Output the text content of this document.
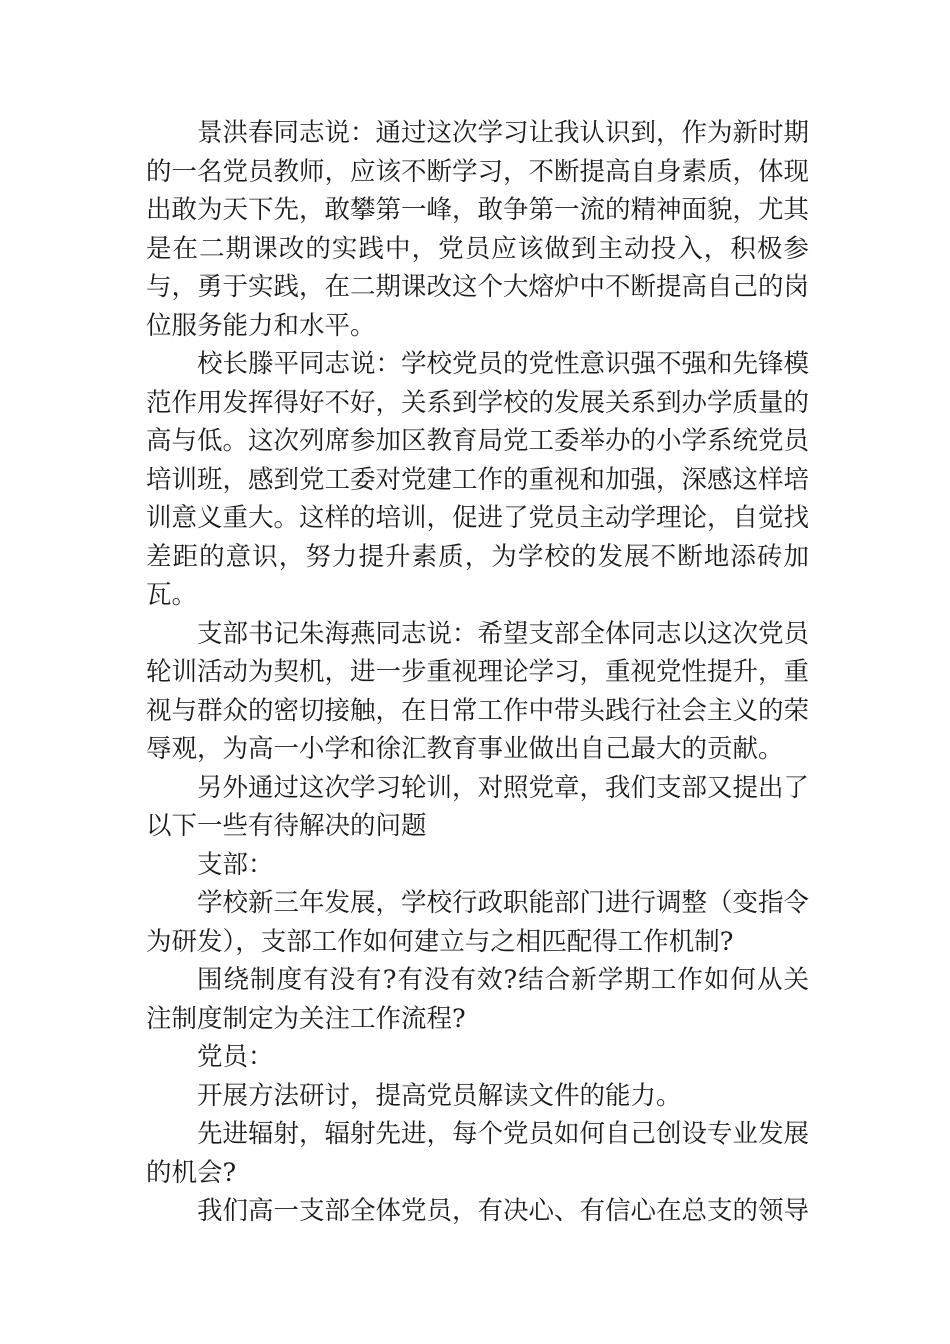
景洪春同志说：通过这次学习让我认识到，作为新时期的一名党员教师，应该不断学习，不断提高自身素质，体现出敢为天下先，敢攀第一峰，敢争第一流的精神面貌，尤其是在二期课改的实践中，党员应该做到主动投入，积极参与，勇于实践，在二期课改这个大熔炉中不断提高自己的岗位服务能力和水平。

校长滕平同志说：学校党员的党性意识强不强和先锋模范作用发挥得好不好，关系到学校的发展关系到办学质量的高与低。这次列席参加区教育局党工委举办的小学系统党员培训班，感到党工委对党建工作的重视和加强，深感这样培训意义重大。这样的培训，促进了党员主动学理论，自觉找差距的意识，努力提升素质，为学校的发展不断地添砖加瓦。

支部书记朱海燕同志说：希望支部全体同志以这次党员轮训活动为契机，进一步重视理论学习，重视党性提升，重视与群众的密切接触，在日常工作中带头践行社会主义的荣辱观，为高一小学和徐汇教育事业做出自己最大的贡献。

另外通过这次学习轮训，对照党章，我们支部又提出了以下一些有待解决的问题

支部：

学校新三年发展，学校行政职能部门进行调整（变指令为研发），支部工作如何建立与之相匹配得工作机制?

围绕制度有没有?有没有效?结合新学期工作如何从关注制度制定为关注工作流程?

党员：

开展方法研讨，提高党员解读文件的能力。

先进辐射，辐射先进，每个党员如何自己创设专业发展的机会?

我们高一支部全体党员，有决心、有信心在总支的领导
